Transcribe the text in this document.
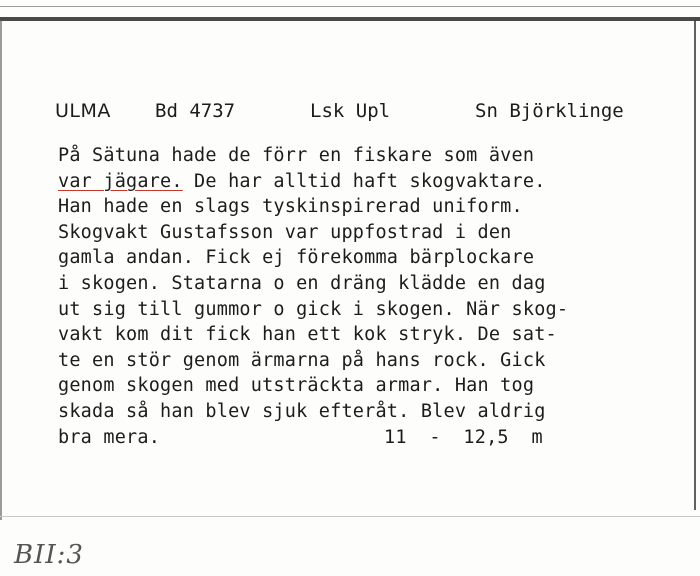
ULMA Bd 4737	Lsk Upl	Sn Björklinge
På Sätuna hade de förr en fiskare som även
var jägare. De har alltid haft skogvaktare.
Han hade en slags tyskinspirerad uniform.
Skogvakt Gustafsson var uppfostrad i den
gamla andan. Fick ej förekomma bärplockare
i skogen. Statarna o en dräng klädde en dag
ut sig till gummor o gick i skogen. När skog-
vakt kom dit fick han ett kok stryk. De sat-
te en stör genom ärmarna på hans rock. Gick
genom skogen med utsträckta armar. Han tog
skada så han blev sjuk efteråt. Blev aldrig
bra mera.	11  -  12,5  m
BII:3
